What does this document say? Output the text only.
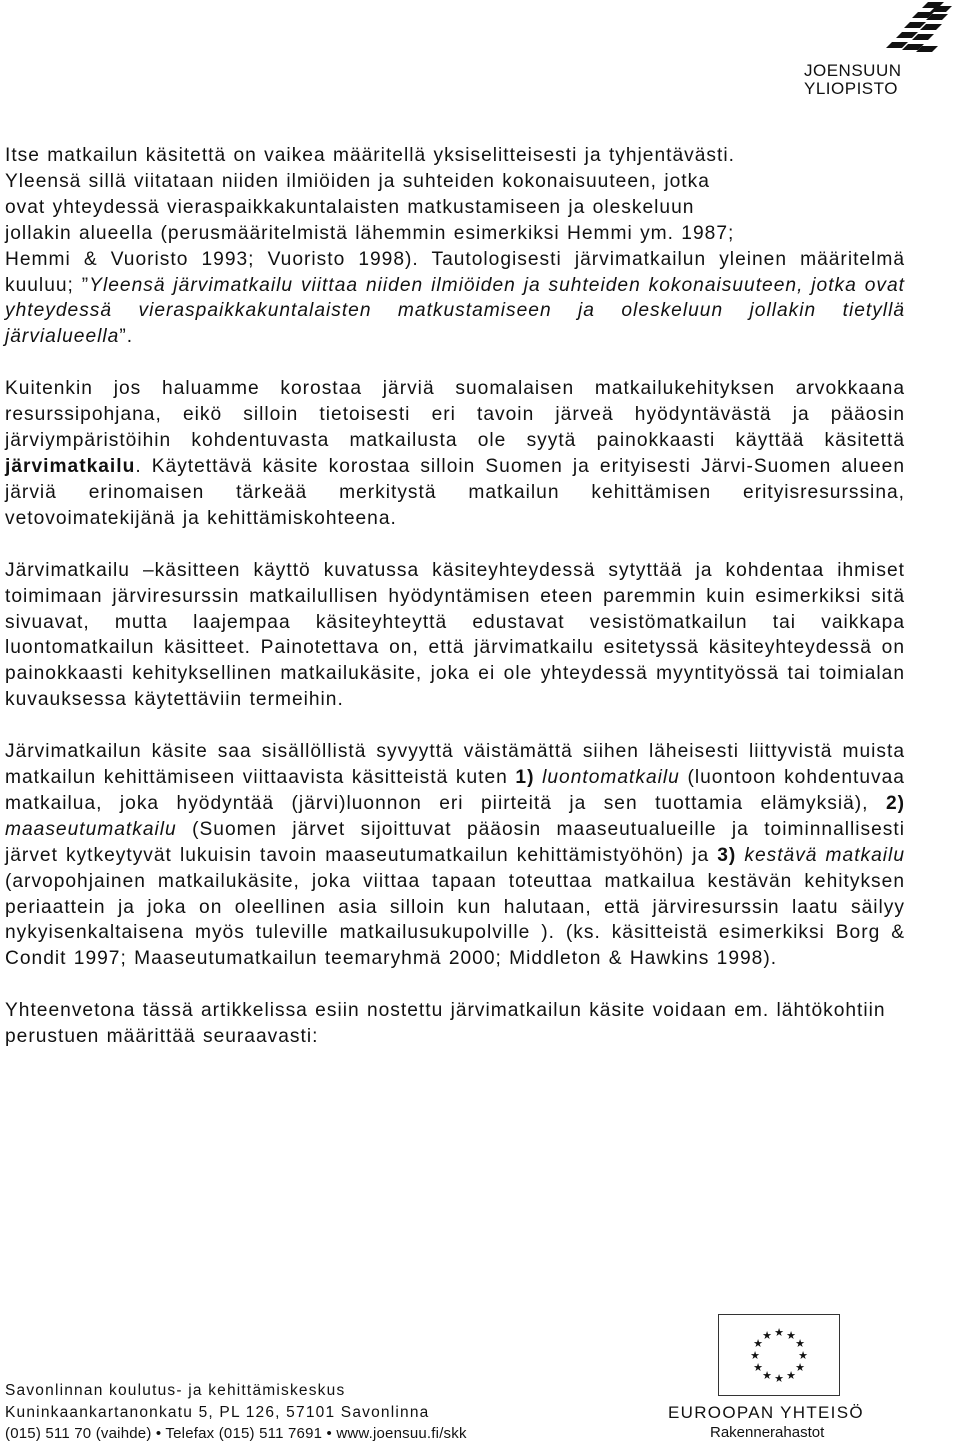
JOENSUUN
YLIOPISTO

Itse matkailun käsitettä on vaikea määritellä yksiselitteisesti ja tyhjentävästi.
Yleensä sillä viitataan niiden ilmiöiden ja suhteiden kokonaisuuteen, jotka
ovat yhteydessä vieraspaikkakuntalaisten matkustamiseen ja oleskeluun
jollakin alueella (perusmääritelmistä lähemmin esimerkiksi Hemmi ym. 1987;
Hemmi & Vuoristo 1993; Vuoristo 1998). Tautologisesti järvimatkailun yleinen määritelmä kuuluu; ”Yleensä järvimatkailu viittaa niiden ilmiöiden ja suhteiden kokonaisuuteen, jotka ovat yhteydessä vieraspaikkakuntalaisten matkustamiseen ja oleskeluun jollakin tietyllä järvialueella”.

Kuitenkin jos haluamme korostaa järviä suomalaisen matkailukehityksen arvokkaana resurssipohjana, eikö silloin tietoisesti eri tavoin järveä hyödyntävästä ja pääosin järviympäristöihin kohdentuvasta matkailusta ole syytä painokkaasti käyttää käsitettä järvimatkailu. Käytettävä käsite korostaa silloin Suomen ja erityisesti Järvi-Suomen alueen järviä erinomaisen tärkeää merkitystä matkailun kehittämisen erityisresurssina, vetovoimatekijänä ja kehittämiskohteena.

Järvimatkailu –käsitteen käyttö kuvatussa käsiteyhteydessä sytyttää ja kohdentaa ihmiset toimimaan järviresurssin matkailullisen hyödyntämisen eteen paremmin kuin esimerkiksi sitä sivuavat, mutta laajempaa käsiteyhteyttä edustavat vesistömatkailun tai vaikkapa luontomatkailun käsitteet. Painotettava on, että järvimatkailu esitetyssä käsiteyhteydessä on painokkaasti kehityksellinen matkailukäsite, joka ei ole yhteydessä myyntityössä tai toimialan kuvauksessa käytettäviin termeihin.

Järvimatkailun käsite saa sisällöllistä syvyyttä väistämättä siihen läheisesti liittyvistä muista matkailun kehittämiseen viittaavista käsitteistä kuten 1) luontomatkailu (luontoon kohdentuvaa matkailua, joka hyödyntää (järvi)luonnon eri piirteitä ja sen tuottamia elämyksiä), 2) maaseutumatkailu (Suomen järvet sijoittuvat pääosin maaseutualueille ja toiminnallisesti järvet kytkeytyvät lukuisin tavoin maaseutumatkailun kehittämistyöhön) ja 3) kestävä matkailu (arvopohjainen matkailukäsite, joka viittaa tapaan toteuttaa matkailua kestävän kehityksen periaattein ja joka on oleellinen asia silloin kun halutaan, että järviresurssin laatu säilyy nykyisenkaltaisena myös tuleville matkailusukupolville ). (ks. käsitteistä esimerkiksi Borg & Condit 1997; Maaseutumatkailun teemaryhmä 2000; Middleton & Hawkins 1998).

Yhteenvetona tässä artikkelissa esiin nostettu järvimatkailun käsite voidaan em. lähtökohtiin perustuen määrittää seuraavasti:

★ ★
★
★
★
★
★
★
★
★
★
★
Savonlinnan koulutus- ja kehittämiskeskus
Kuninkaankartanonkatu 5, PL 126, 57101 Savonlinna
(015) 511 70 (vaihde) • Telefax (015) 511 7691 • www.joensuu.fi/skk
EUROOPAN YHTEISÖ
Rakennerahastot
